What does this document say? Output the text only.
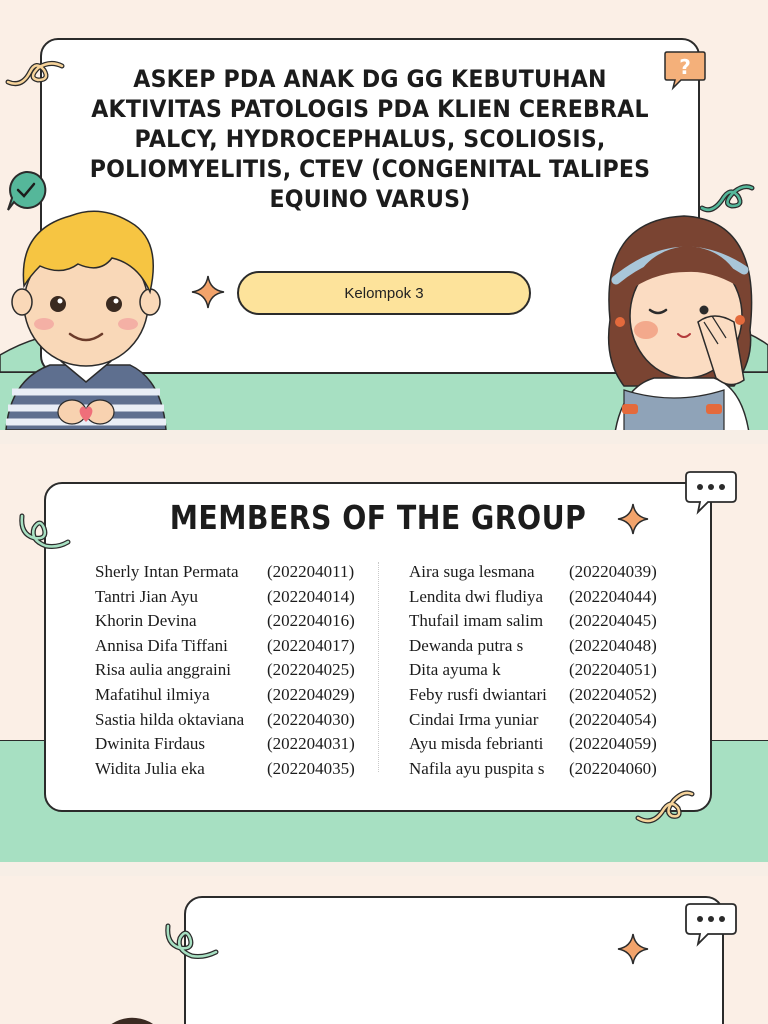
ASKEP PDA ANAK DG GG KEBUTUHAN AKTIVITAS PATOLOGIS PDA KLIEN CEREBRAL PALCY, HYDROCEPHALUS, SCOLIOSIS, POLIOMYELITIS, CTEV (CONGENITAL TALIPES EQUINO VARUS)
Kelompok 3
?
MEMBERS OF THE GROUP
Sherly Intan Permata (202204011)
Tantri Jian Ayu	(202204014)
Khorin Devina	(202204016)
Annisa Difa Tiffani (202204017)
Risa aulia anggraini (202204025)
Mafatihul ilmiya	(202204029)
Sastia hilda oktaviana (202204030)
Dwinita Firdaus	(202204031)
Widita Julia eka	(202204035)
Aira suga lesmana (202204039)
Lendita dwi fludiya (202204044)
Thufail imam salim (202204045)
Dewanda putra s	(202204048)
Dita ayuma k	(202204051)
Feby rusfi dwiantari (202204052)
Cindai Irma yuniar (202204054)
Ayu misda febrianti (202204059)
Nafila ayu puspita s (202204060)
